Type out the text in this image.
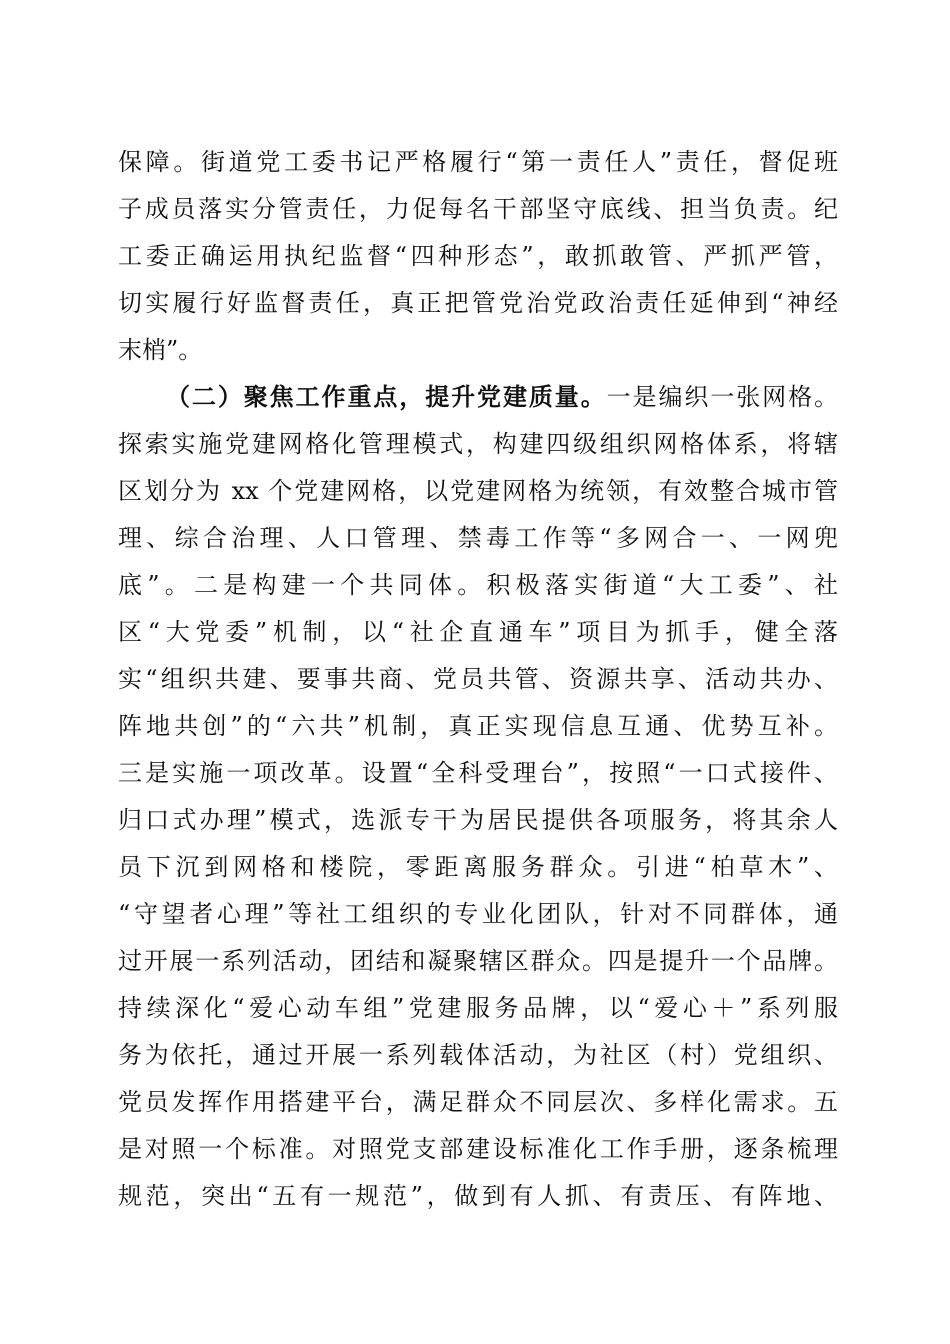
保障。街道党工委书记严格履行“第一责任人”责任，督促班
子成员落实分管责任，力促每名干部坚守底线、担当负责。纪
工委正确运用执纪监督“四种形态”，敢抓敢管、严抓严管，
切实履行好监督责任，真正把管党治党政治责任延伸到“神经
末梢”。
（二）聚焦工作重点，提升党建质量。一是编织一张网格。
探索实施党建网格化管理模式，构建四级组织网格体系，将辖
区划分为 xx 个党建网格，以党建网格为统领，有效整合城市管
理、综合治理、人口管理、禁毒工作等“多网合一、一网兜
底”。二是构建一个共同体。积极落实街道“大工委”、社
区“大党委”机制，以“社企直通车”项目为抓手，健全落
实“组织共建、要事共商、党员共管、资源共享、活动共办、
阵地共创”的“六共”机制，真正实现信息互通、优势互补。
三是实施一项改革。设置“全科受理台”，按照“一口式接件、
归口式办理”模式，选派专干为居民提供各项服务，将其余人
员下沉到网格和楼院，零距离服务群众。引进“柏草木”、
“守望者心理”等社工组织的专业化团队，针对不同群体，通
过开展一系列活动，团结和凝聚辖区群众。四是提升一个品牌。
持续深化“爱心动车组”党建服务品牌，以“爱心＋”系列服
务为依托，通过开展一系列载体活动，为社区（村）党组织、
党员发挥作用搭建平台，满足群众不同层次、多样化需求。五
是对照一个标准。对照党支部建设标准化工作手册，逐条梳理
规范，突出“五有一规范”，做到有人抓、有责压、有阵地、
